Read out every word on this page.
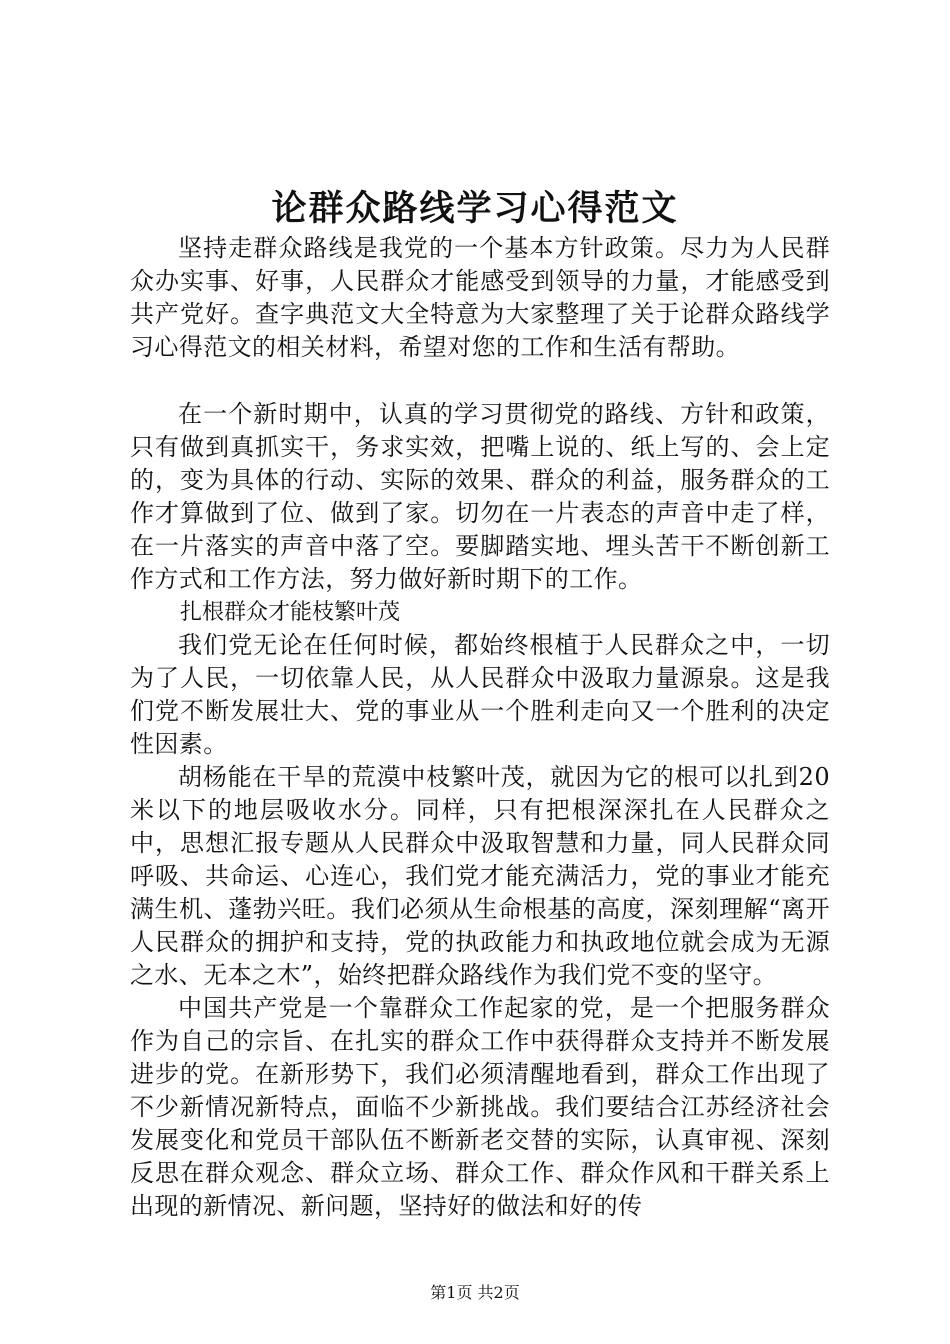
论群众路线学习心得范文

坚持走群众路线是我党的一个基本方针政策。尽力为人民群众办实事、好事，人民群众才能感受到领导的力量，才能感受到共产党好。查字典范文大全特意为大家整理了关于论群众路线学习心得范文的相关材料，希望对您的工作和生活有帮助。

在一个新时期中，认真的学习贯彻党的路线、方针和政策，只有做到真抓实干，务求实效，把嘴上说的、纸上写的、会上定的，变为具体的行动、实际的效果、群众的利益，服务群众的工作才算做到了位、做到了家。切勿在一片表态的声音中走了样，在一片落实的声音中落了空。要脚踏实地、埋头苦干不断创新工作方式和工作方法，努力做好新时期下的工作。

扎根群众才能枝繁叶茂

我们党无论在任何时候，都始终根植于人民群众之中，一切为了人民，一切依靠人民，从人民群众中汲取力量源泉。这是我们党不断发展壮大、党的事业从一个胜利走向又一个胜利的决定性因素。

胡杨能在干旱的荒漠中枝繁叶茂，就因为它的根可以扎到20米以下的地层吸收水分。同样，只有把根深深扎在人民群众之中，思想汇报专题从人民群众中汲取智慧和力量，同人民群众同呼吸、共命运、心连心，我们党才能充满活力，党的事业才能充满生机、蓬勃兴旺。我们必须从生命根基的高度，深刻理解“离开人民群众的拥护和支持，党的执政能力和执政地位就会成为无源之水、无本之木”，始终把群众路线作为我们党不变的坚守。

中国共产党是一个靠群众工作起家的党，是一个把服务群众作为自己的宗旨、在扎实的群众工作中获得群众支持并不断发展进步的党。在新形势下，我们必须清醒地看到，群众工作出现了不少新情况新特点，面临不少新挑战。我们要结合江苏经济社会发展变化和党员干部队伍不断新老交替的实际，认真审视、深刻反思在群众观念、群众立场、群众工作、群众作风和干群关系上出现的新情况、新问题，坚持好的做法和好的传

第1页 共2页
